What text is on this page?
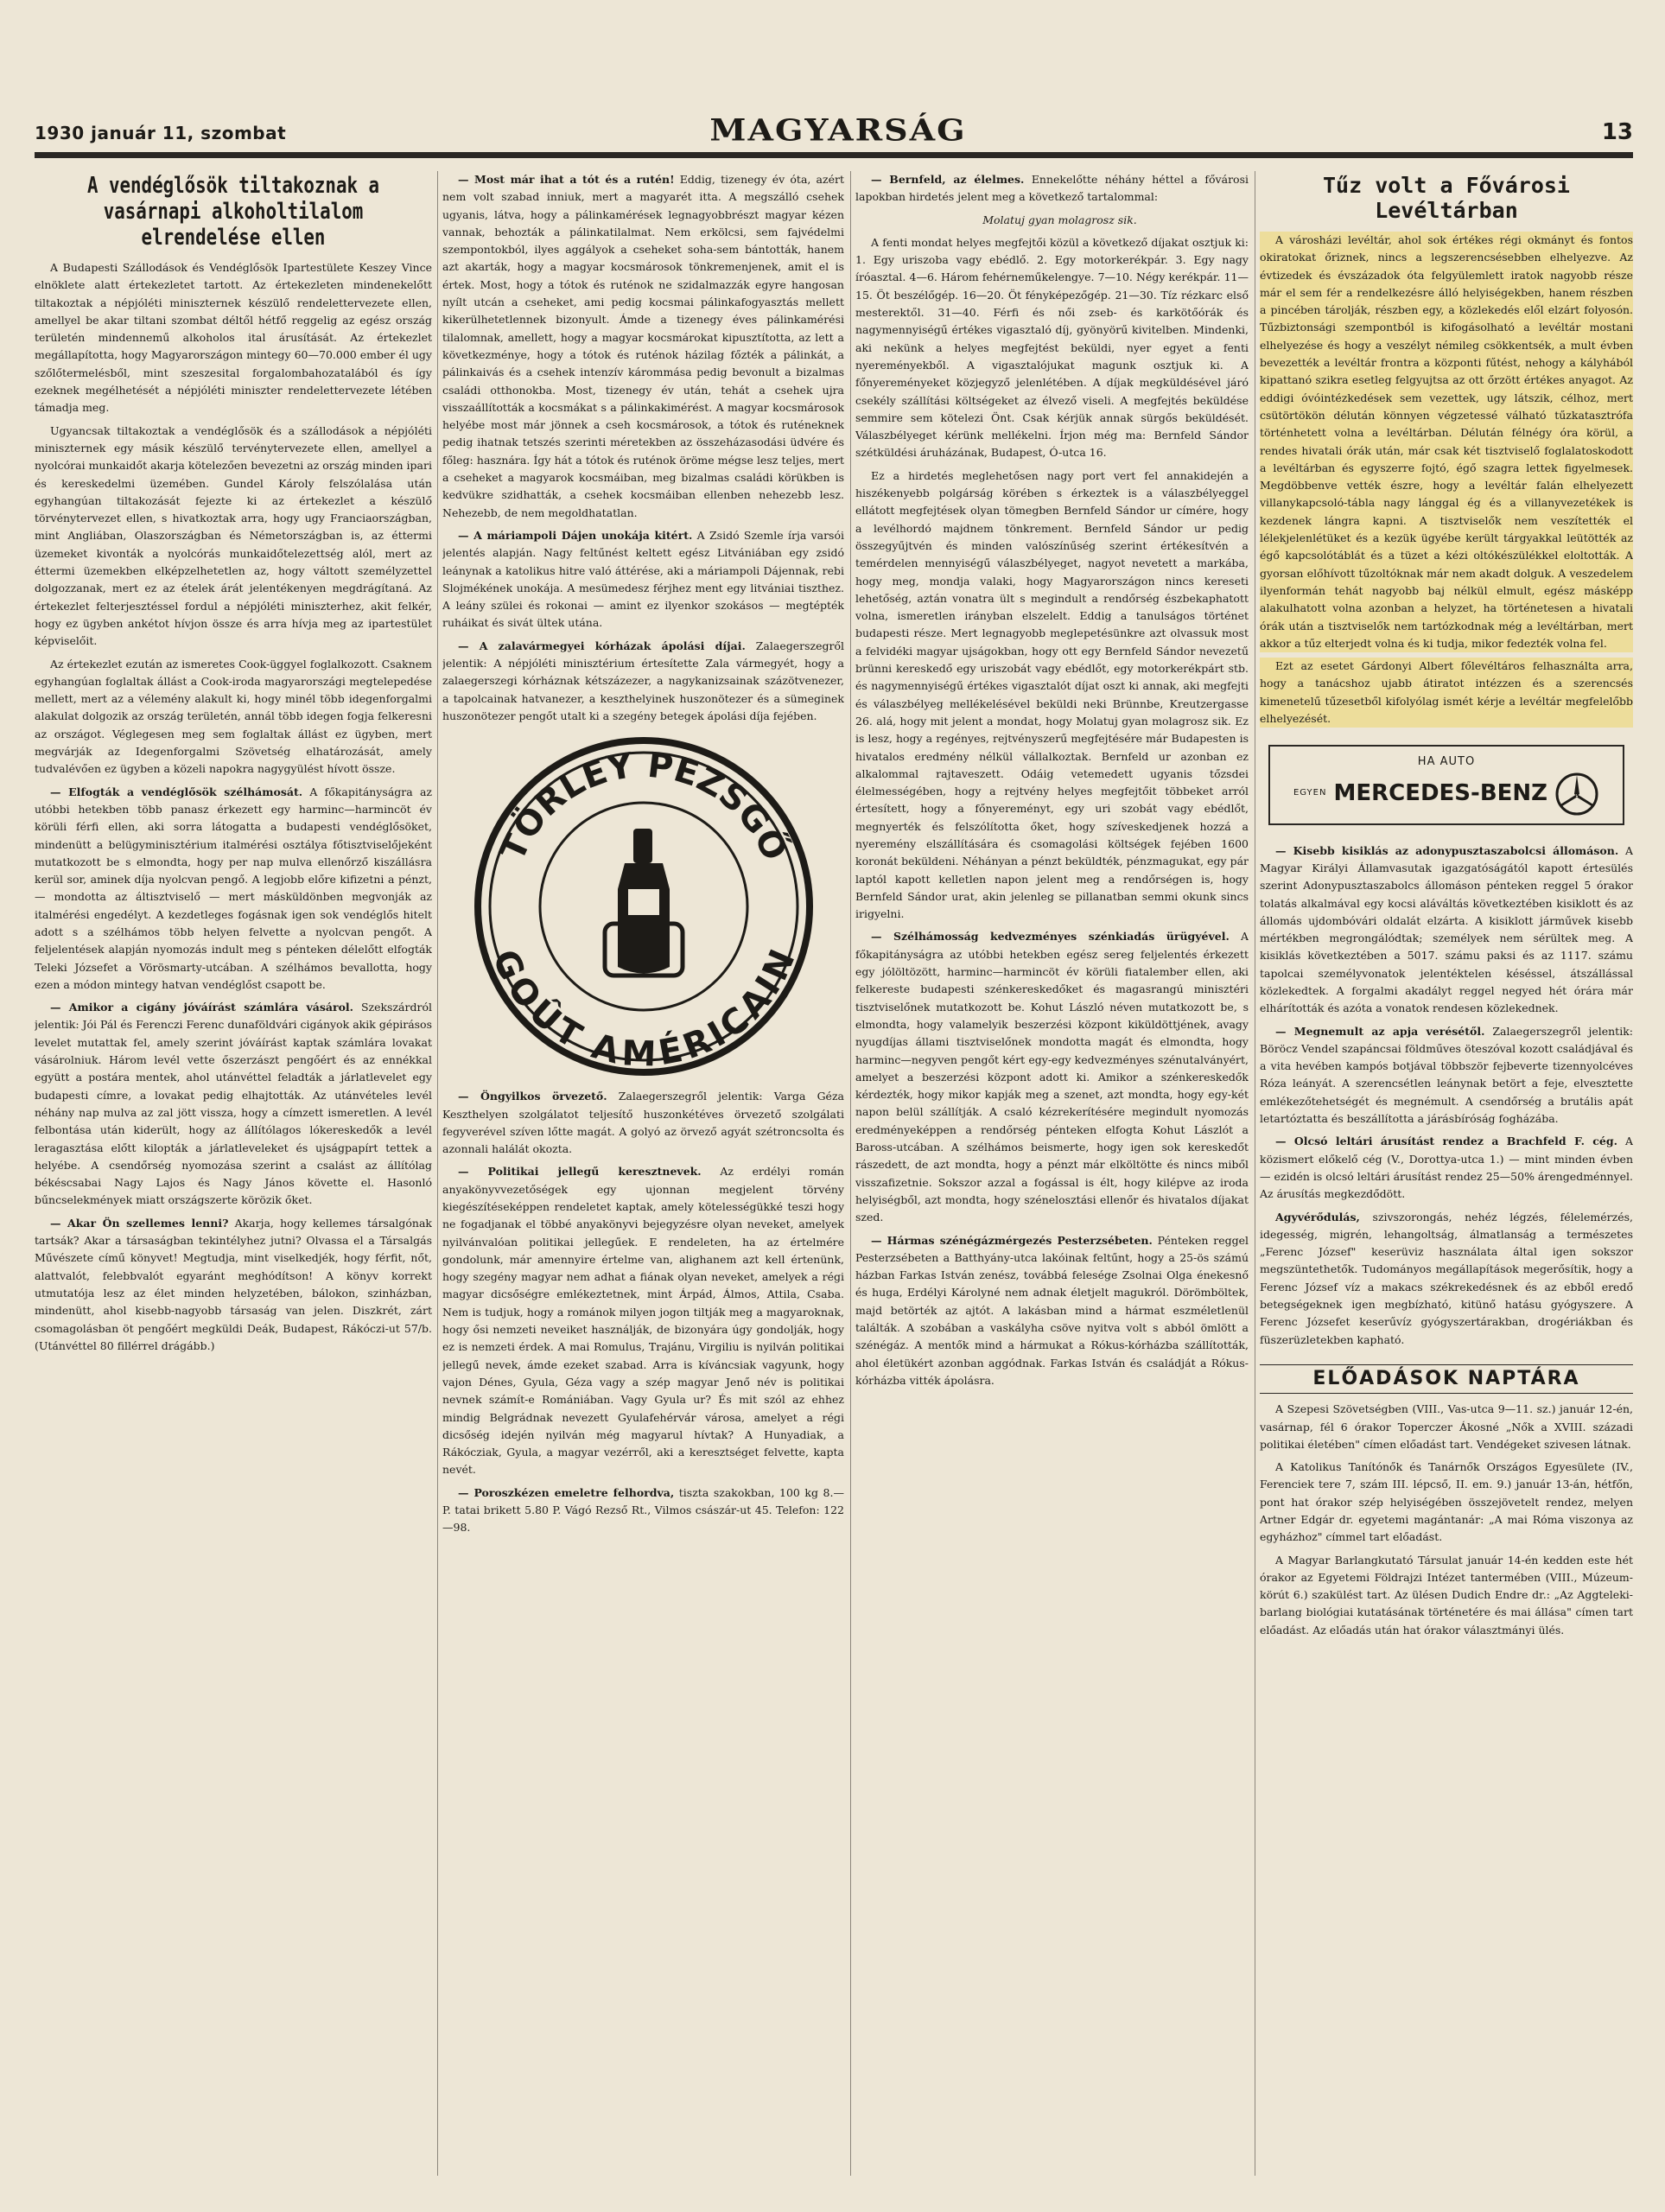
1930 január 11, szombat	MAGYARSÁG	13
A vendéglősök tiltakoznak a vasárnapi alkoholtilalom elrendelése ellen

A Budapesti Szállodások és Vendéglősök Ipartestülete Keszey Vince elnöklete alatt értekezletet tartott. Az értekezleten mindenekelőtt tiltakoztak a népjóléti miniszternek készülő rendelettervezete ellen, amellyel be akar tiltani szombat déltől hétfő reggelig az egész ország területén mindennemű alkoholos ital árusítását. Az értekezlet megállapította, hogy Magyarországon mintegy 60—70.000 ember él ugy szőlőtermelésből, mint szeszesital forgalombahozatalából és így ezeknek megélhetését a népjóléti miniszter rendelettervezete létében támadja meg.

Ugyancsak tiltakoztak a vendéglősök és a szállodások a népjóléti miniszternek egy másik készülő tervénytervezete ellen, amellyel a nyolcórai munkaidőt akarja kötelezően bevezetni az ország minden ipari és kereskedelmi üzemében. Gundel Károly felszólalása után egyhangúan tiltakozását fejezte ki az értekezlet a készülő törvénytervezet ellen, s hivatkoztak arra, hogy ugy Franciaországban, mint Angliában, Olaszországban és Németországban is, az éttermi üzemeket kivonták a nyolcórás munkaidőtelezettség alól, mert az éttermi üzemekben elképzelhetetlen az, hogy váltott személyzettel dolgozzanak, mert ez az ételek árát jelentékenyen megdrágítaná. Az értekezlet felterjesztéssel fordul a népjóléti miniszterhez, akit felkér, hogy ez ügyben ankétot hívjon össze és arra hívja meg az ipartestület képviselőit.

Az értekezlet ezután az ismeretes Cook-üggyel foglalkozott. Csaknem egyhangúan foglaltak állást a Cook-iroda magyarországi megtelepedése mellett, mert az a vélemény alakult ki, hogy minél több idegenforgalmi alakulat dolgozik az ország területén, annál több idegen fogja felkeresni az országot. Véglegesen meg sem foglaltak állást ez ügyben, mert megvárják az Idegenforgalmi Szövetség elhatározását, amely tudvalévően ez ügyben a közeli napokra nagygyülést hívott össze.

— Elfogták a vendéglősök szélhámosát. A főkapitányságra az utóbbi hetekben több panasz érkezett egy harminc—harmincöt év körüli férfi ellen, aki sorra látogatta a budapesti vendéglősöket, mindenütt a belügyminisztérium italmérési osztálya főtisztviselőjeként mutatkozott be s elmondta, hogy per nap mulva ellenőrző kiszállásra kerül sor, aminek díja nyolcvan pengő. A legjobb előre kifizetni a pénzt, — mondotta az áltisztviselő — mert másküldönben megvonják az italmérési engedélyt. A kezdetleges fogásnak igen sok vendéglős hitelt adott s a szélhámos több helyen felvette a nyolcvan pengőt. A feljelentések alapján nyomozás indult meg s pénteken délelőtt elfogták Teleki Józsefet a Vörösmarty-utcában. A szélhámos bevallotta, hogy ezen a módon mintegy hatvan vendéglőst csapott be.

— Amikor a cigány jóváírást számlára vásárol. Szekszárdról jelentik: Jói Pál és Ferenczi Ferenc dunaföldvári cigányok akik gépirásos levelet mutattak fel, amely szerint jóváírást kaptak számlára lovakat vásárolniuk. Három levél vette őszerzászt pengőért és az ennékkal együtt a postára mentek, ahol utánvéttel feladták a járlatlevelet egy budapesti címre, a lovakat pedig elhajtották. Az utánvételes levél néhány nap mulva az zal jött vissza, hogy a címzett ismeretlen. A levél felbontása után kiderült, hogy az állítólagos lókereskedők a levél leragasztása előtt kilopták a járlatleveleket és ujságpapírt tettek a helyébe. A csendőrség nyomozása szerint a csalást az állítólag békéscsabai Nagy Lajos és Nagy János követte el. Hasonló bűncselekmények miatt országszerte körözik őket.

— Akar Ön szellemes lenni? Akarja, hogy kellemes társalgónak tartsák? Akar a társaságban tekintélyhez jutni? Olvassa el a Társalgás Művészete című könyvet! Megtudja, mint viselkedjék, hogy férfit, nőt, alattvalót, felebbvalót egyaránt meghódítson! A könyv korrekt utmutatója lesz az élet minden helyzetében, bálokon, szinházban, mindenütt, ahol kisebb-nagyobb társaság van jelen. Diszkrét, zárt csomagolásban öt pengőért megküldi Deák, Budapest, Rákóczi-ut 57/b. (Utánvéttel 80 fillérrel drágább.)

— Most már ihat a tót és a rutén! Eddig, tizenegy év óta, azért nem volt szabad inniuk, mert a magyarét itta. A megszálló csehek ugyanis, látva, hogy a pálinkamérések legnagyobbrészt magyar kézen vannak, behozták a pálinkatilalmat. Nem erkölcsi, sem fajvédelmi szempontokból, ilyes aggályok a cseheket soha-sem bántották, hanem azt akarták, hogy a magyar kocsmárosok tönkremenjenek, amit el is értek. Most, hogy a tótok és ruténok ne szidalmazzák egyre hangosan nyílt utcán a cseheket, ami pedig kocsmai pálinkafogyasztás mellett kikerülhetetlennek bizonyult. Ámde a tizenegy éves pálinkamérési tilalomnak, amellett, hogy a magyar kocsmárokat kipusztította, az lett a következménye, hogy a tótok és ruténok házilag főzték a pálinkát, a pálinkaivás és a csehek intenzív kárommása pedig bevonult a bizalmas családi otthonokba. Most, tizenegy év után, tehát a csehek ujra visszaállították a kocsmákat s a pálinkakimérést. A magyar kocsmárosok helyébe most már jönnek a cseh kocsmárosok, a tótok és ruténeknek pedig ihatnak tetszés szerinti méretekben az összeházasodási üdvére és főleg: hasznára. Így hát a tótok és ruténok öröme mégse lesz teljes, mert a cseheket a magyarok kocsmáiban, meg bizalmas családi körükben is kedvükre szidhatták, a csehek kocsmáiban ellenben nehezebb lesz. Nehezebb, de nem megoldhatatlan.

— A máriampoli Dájen unokája kitért. A Zsidó Szemle írja varsói jelentés alapján. Nagy feltűnést keltett egész Litvániában egy zsidó leánynak a katolikus hitre való áttérése, aki a máriampoli Dájennak, rebi Slojmékének unokája. A mesümedesz férjhez ment egy litvániai tiszthez. A leány szülei és rokonai — amint ez ilyenkor szokásos — megtépték ruháikat és sivát ültek utána.

— A zalavármegyei kórházak ápolási díjai. Zalaegerszegről jelentik: A népjóléti minisztérium értesítette Zala vármegyét, hogy a zalaegerszegi kórháznak kétszázezer, a nagykanizsainak százötvenezer, a tapolcainak hatvanezer, a keszthelyinek huszonötezer és a sümeginek huszonötezer pengőt utalt ki a szegény betegek ápolási díja fejében.

TÖRLEY PEZSGŐ
GOÛT AMÉRICAIN

— Öngyilkos örvezető. Zalaegerszegről jelentik: Varga Géza Keszthelyen szolgálatot teljesítő huszonkétéves örvezető szolgálati fegyverével szíven lőtte magát. A golyó az örvező agyát szétroncsolta és azonnali halálát okozta.

— Politikai jellegű keresztnevek. Az erdélyi román anyakönyvvezetőségek egy ujonnan megjelent törvény kiegészítéseképpen rendeletet kaptak, amely kötelességükké teszi hogy ne fogadjanak el többé anyakönyvi bejegyzésre olyan neveket, amelyek nyilvánvalóan politikai jellegűek. E rendeleten, ha az értelmére gondolunk, már amennyire értelme van, alighanem azt kell értenünk, hogy szegény magyar nem adhat a fiának olyan neveket, amelyek a régi magyar dicsőségre emlékeztetnek, mint Árpád, Álmos, Attila, Csaba. Nem is tudjuk, hogy a románok milyen jogon tiltják meg a magyaroknak, hogy ősi nemzeti neveiket használják, de bizonyára úgy gondolják, hogy ez is nemzeti érdek. A mai Romulus, Trajánu, Virgiliu is nyilván politikai jellegű nevek, ámde ezeket szabad. Arra is kíváncsiak vagyunk, hogy vajon Dénes, Gyula, Géza vagy a szép magyar Jenő név is politikai nevnek számít-e Romániában. Vagy Gyula ur? És mit szól az ehhez mindig Belgrádnak nevezett Gyulafehérvár városa, amelyet a régi dicsőség idején nyilván még magyarul hívtak? A Hunyadiak, a Rákócziak, Gyula, a magyar vezérről, aki a keresztséget felvette, kapta nevét.

— Poroszkézen emeletre felhordva, tiszta szakokban, 100 kg 8.— P. tatai brikett 5.80 P. Vágó Rezső Rt., Vilmos császár-ut 45. Telefon: 122—98.

— Bernfeld, az élelmes. Ennekelőtte néhány héttel a fővárosi lapokban hirdetés jelent meg a következő tartalommal:

Molatuj gyan molagrosz sik.

A fenti mondat helyes megfejtői közül a következő díjakat osztjuk ki: 1. Egy uriszoba vagy ebédlő. 2. Egy motorkerékpár. 3. Egy nagy íróasztal. 4—6. Három fehérneműkelengye. 7—10. Négy kerékpár. 11—15. Öt beszélőgép. 16—20. Öt fényképezőgép. 21—30. Tíz rézkarc első mesterektől. 31—40. Férfi és női zseb- és karkötőórák és nagymennyiségű értékes vigasztaló díj, gyönyörű kivitelben. Mindenki, aki nekünk a helyes megfejtést beküldi, nyer egyet a fenti nyereményekből. A vigasztalójukat magunk osztjuk ki. A főnyereményeket közjegyző jelenlétében. A díjak megküldésével járó csekély szállítási költségeket az élvező viseli. A megfejtés beküldése semmire sem kötelezi Önt. Csak kérjük annak sürgős beküldését. Válaszbélyeget kérünk mellékelni. Írjon még ma: Bernfeld Sándor szétküldési áruházának, Budapest, Ó-utca 16.

Ez a hirdetés meglehetősen nagy port vert fel annakidején a hiszékenyebb polgárság körében s érkeztek is a válaszbélyeggel ellátott megfejtések olyan tömegben Bernfeld Sándor ur címére, hogy a levélhordó majdnem tönkrement. Bernfeld Sándor ur pedig összegyűjtvén és minden valószínűség szerint értékesítvén a temérdelen mennyiségű válaszbélyeget, nagyot nevetett a markába, hogy meg, mondja valaki, hogy Magyarországon nincs kereseti lehetőség, aztán vonatra ült s megindult a rendőrség észbekaphatott volna, ismeretlen irányban elszelelt. Eddig a tanulságos történet budapesti része. Mert legnagyobb meglepetésünkre azt olvassuk most a felvidéki magyar ujságokban, hogy ott egy Bernfeld Sándor nevezetű brünni kereskedő egy uriszobát vagy ebédlőt, egy motorkerékpárt stb. és nagymennyiségű értékes vigasztalót díjat oszt ki annak, aki megfejti és válaszbélyeg mellékelésével beküldi neki Brünnbe, Kreutzergasse 26. alá, hogy mit jelent a mondat, hogy Molatuj gyan molagrosz sik. Ez is lesz, hogy a regényes, rejtvényszerű megfejtésére már Budapesten is hivatalos eredmény nélkül vállalkoztak. Bernfeld ur azonban ez alkalommal rajtaveszett. Odáig vetemedett ugyanis tőzsdei élelmességében, hogy a rejtvény helyes megfejtőit többeket arról értesített, hogy a főnyereményt, egy uri szobát vagy ebédlőt, megnyerték és felszólította őket, hogy szíveskedjenek hozzá a nyeremény elszállítására és csomagolási költségek fejében 1600 koronát beküldeni. Néhányan a pénzt beküldték, pénzmagukat, egy pár laptól kapott kelletlen napon jelent meg a rendőrségen is, hogy Bernfeld Sándor urat, akin jelenleg se pillanatban semmi okunk sincs irigyelni.

— Szélhámosság kedvezményes szénkiadás ürügyével. A főkapitányságra az utóbbi hetekben egész sereg feljelentés érkezett egy jólöltözött, harminc—harmincöt év körüli fiatalember ellen, aki felkereste budapesti szénkereskedőket és magasrangú minisztéri tisztviselőnek mutatkozott be. Kohut László néven mutatkozott be, s elmondta, hogy valamelyik beszerzési központ kiküldöttjének, avagy nyugdíjas állami tisztviselőnek mondotta magát és elmondta, hogy harminc—negyven pengőt kért egy-egy kedvezményes szénutalványért, amelyet a beszerzési központ adott ki. Amikor a szénkereskedők kérdezték, hogy mikor kapják meg a szenet, azt mondta, hogy egy-két napon belül szállítják. A csaló kézrekerítésére megindult nyomozás eredményeképpen a rendőrség pénteken elfogta Kohut Lászlót a Baross-utcában. A szélhámos beismerte, hogy igen sok kereskedőt rászedett, de azt mondta, hogy a pénzt már elköltötte és nincs miből visszafizetnie. Sokszor azzal a fogással is élt, hogy kilépve az iroda helyiségből, azt mondta, hogy szénelosztási ellenőr és hivatalos díjakat szed.

— Hármas szénégázmérgezés Pesterzsébeten. Pénteken reggel Pesterzsébeten a Batthyány-utca lakóinak feltűnt, hogy a 25-ös számú házban Farkas István zenész, továbbá felesége Zsolnai Olga énekesnő és huga, Erdélyi Károlyné nem adnak életjelt magukról. Dörömböltek, majd betörték az ajtót. A lakásban mind a hármat eszméletlenül találták. A szobában a vaskályha csöve nyitva volt s abból ömlött a szénégáz. A mentők mind a hármukat a Rókus-kórházba szállították, ahol életükért azonban aggódnak. Farkas István és családját a Rókus-kórházba vitték ápolásra.

Tűz volt a Fővárosi Levéltárban

A városházi levéltár, ahol sok értékes régi okmányt és fontos okiratokat őriznek, nincs a legszerencsésebben elhelyezve. Az évtizedek és évszázadok óta felgyülemlett iratok nagyobb része már el sem fér a rendelkezésre álló helyiségekben, hanem részben a pincében tárolják, részben egy, a közlekedés elől elzárt folyosón. Tűzbiztonsági szempontból is kifogásolható a levéltár mostani elhelyezése és hogy a veszélyt némileg csökkentsék, a mult évben bevezették a levéltár frontra a központi fűtést, nehogy a kályhából kipattanó szikra esetleg felgyujtsa az ott őrzött értékes anyagot. Az eddigi óvóintézkedések sem vezettek, ugy látszik, célhoz, mert csütörtökön délután könnyen végzetessé válható tűzkatasztrófa történhetett volna a levéltárban. Délután félnégy óra körül, a rendes hivatali órák után, már csak két tisztviselő foglalatoskodott a levéltárban és egyszerre fojtó, égő szagra lettek figyelmesek. Megdöbbenve vették észre, hogy a levéltár falán elhelyezett villanykapcsoló-tábla nagy lánggal ég és a villanyvezetékek is kezdenek lángra kapni. A tisztviselők nem veszítették el lélekjelenlétüket és a kezük ügyébe került tárgyakkal leütötték az égő kapcsolótáblát és a tüzet a kézi oltókészülékkel eloltották. A gyorsan előhívott tűzoltóknak már nem akadt dolguk. A veszedelem ilyenformán tehát nagyobb baj nélkül elmult, egész másképp alakulhatott volna azonban a helyzet, ha történetesen a hivatali órák után a tisztviselők nem tartózkodnak még a levéltárban, mert akkor a tűz elterjedt volna és ki tudja, mikor fedezték volna fel.

Ezt az esetet Gárdonyi Albert főlevéltáros felhasználta arra, hogy a tanácshoz ujabb átiratot intézzen és a szerencsés kimenetelű tűzesetből kifolyólag ismét kérje a levéltár megfelelőbb elhelyezését.

HA AUTO
EGYEN MERCEDES-BENZ

— Kisebb kisiklás az adonypusztaszabolcsi állomáson. A Magyar Királyi Államvasutak igazgatóságától kapott értesülés szerint Adonypusztaszabolcs állomáson pénteken reggel 5 órakor tolatás alkalmával egy kocsi aláváltás következtében kisiklott és az állomás ujdombóvári oldalát elzárta. A kisiklott járművek kisebb mértékben megrongálódtak; személyek nem sérültek meg. A kisiklás következtében a 5017. számu paksi és az 1117. számu tapolcai személyvonatok jelentéktelen késéssel, átszállással közlekedtek. A forgalmi akadályt reggel negyed hét órára már elhárították és azóta a vonatok rendesen közlekednek.

— Megnemult az apja verésétől. Zalaegerszegről jelentik: Böröcz Vendel szapáncsai földműves öteszóval kozott családjával és a vita hevében kampós botjával többször fejbeverte tizennyolcéves Róza leányát. A szerencsétlen leánynak betört a feje, elvesztette emlékezőtehetségét és megnémult. A csendőrség a brutális apát letartóztatta és beszállította a járásbíróság fogházába.

— Olcsó leltári árusítást rendez a Brachfeld F. cég. A közismert előkelő cég (V., Dorottya-utca 1.) — mint minden évben — ezidén is olcsó leltári árusítást rendez 25—50% árengedménnyel. Az árusítás megkezdődött.

Agyvérődulás, szivszorongás, nehéz légzés, félelemérzés, idegesség, migrén, lehangoltság, álmatlanság a természetes „Ferenc József" keserüviz használata által igen sokszor megszüntethetők. Tudományos megállapítások megerősítik, hogy a Ferenc József víz a makacs székrekedésnek és az ebből eredő betegségeknek igen megbízható, kitünő hatásu gyógyszere. A Ferenc Józsefet keserűvíz gyógyszertárakban, drogériákban és füszerüzletekben kapható.

ELŐADÁSOK NAPTÁRA

A Szepesi Szövetségben (VIII., Vas-utca 9—11. sz.) január 12-én, vasárnap, fél 6 órakor Toperczer Ákosné „Nők a XVIII. századi politikai életében" címen előadást tart. Vendégeket szivesen látnak.

A Katolikus Tanítónők és Tanárnők Országos Egyesülete (IV., Ferenciek tere 7, szám III. lépcső, II. em. 9.) január 13-án, hétfőn, pont hat órakor szép helyiségében összejövetelt rendez, melyen Artner Edgár dr. egyetemi magántanár: „A mai Róma viszonya az egyházhoz" címmel tart előadást.

A Magyar Barlangkutató Társulat január 14-én kedden este hét órakor az Egyetemi Földrajzi Intézet tantermében (VIII., Múzeum-körút 6.) szakülést tart. Az ülésen Dudich Endre dr.: „Az Aggteleki-barlang biológiai kutatásának történetére és mai állása" címen tart előadást. Az előadás után hat órakor választmányi ülés.
